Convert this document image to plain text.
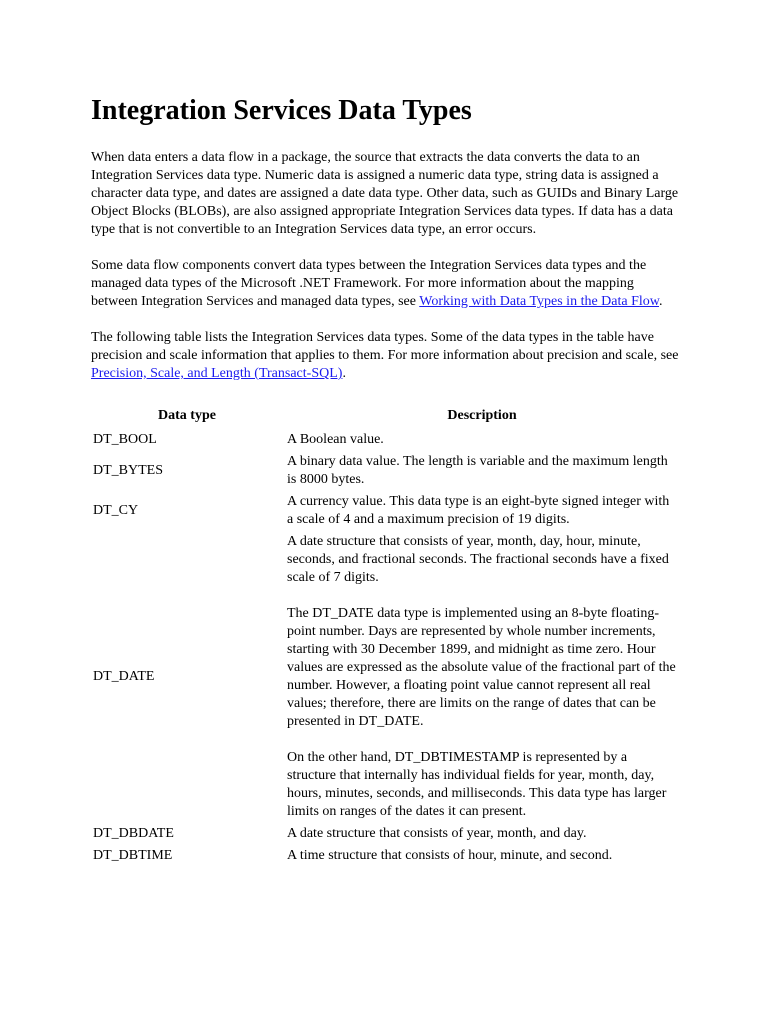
Integration Services Data Types

When data enters a data flow in a package, the source that extracts the data converts the data to an Integration Services data type. Numeric data is assigned a numeric data type, string data is assigned a character data type, and dates are assigned a date data type. Other data, such as GUIDs and Binary Large Object Blocks (BLOBs), are also assigned appropriate Integration Services data types. If data has a data type that is not convertible to an Integration Services data type, an error occurs.

Some data flow components convert data types between the Integration Services data types and the managed data types of the Microsoft .NET Framework. For more information about the mapping between Integration Services and managed data types, see Working with Data Types in the Data Flow.

The following table lists the Integration Services data types. Some of the data types in the table have precision and scale information that applies to them. For more information about precision and scale, see Precision, Scale, and Length (Transact-SQL).

Data type	Description
DT_BOOL	A Boolean value.

DT_BYTES	A binary data value. The length is variable and the maximum length is 8000 bytes.

DT_CY	A currency value. This data type is an eight-byte signed integer with a scale of 4 and a maximum precision of 19 digits.

DT_DATE	A date structure that consists of year, month, day, hour, minute, seconds, and fractional seconds. The fractional seconds have a fixed scale of 7 digits.
The DT_DATE data type is implemented using an 8-byte floating-point number. Days are represented by whole number increments, starting with 30 December 1899, and midnight as time zero. Hour values are expressed as the absolute value of the fractional part of the number. However, a floating point value cannot represent all real values; therefore, there are limits on the range of dates that can be presented in DT_DATE.
On the other hand, DT_DBTIMESTAMP is represented by a structure that internally has individual fields for year, month, day, hours, minutes, seconds, and milliseconds. This data type has larger limits on ranges of the dates it can present.

DT_DBDATE	A date structure that consists of year, month, and day.

DT_DBTIME	A time structure that consists of hour, minute, and second.
